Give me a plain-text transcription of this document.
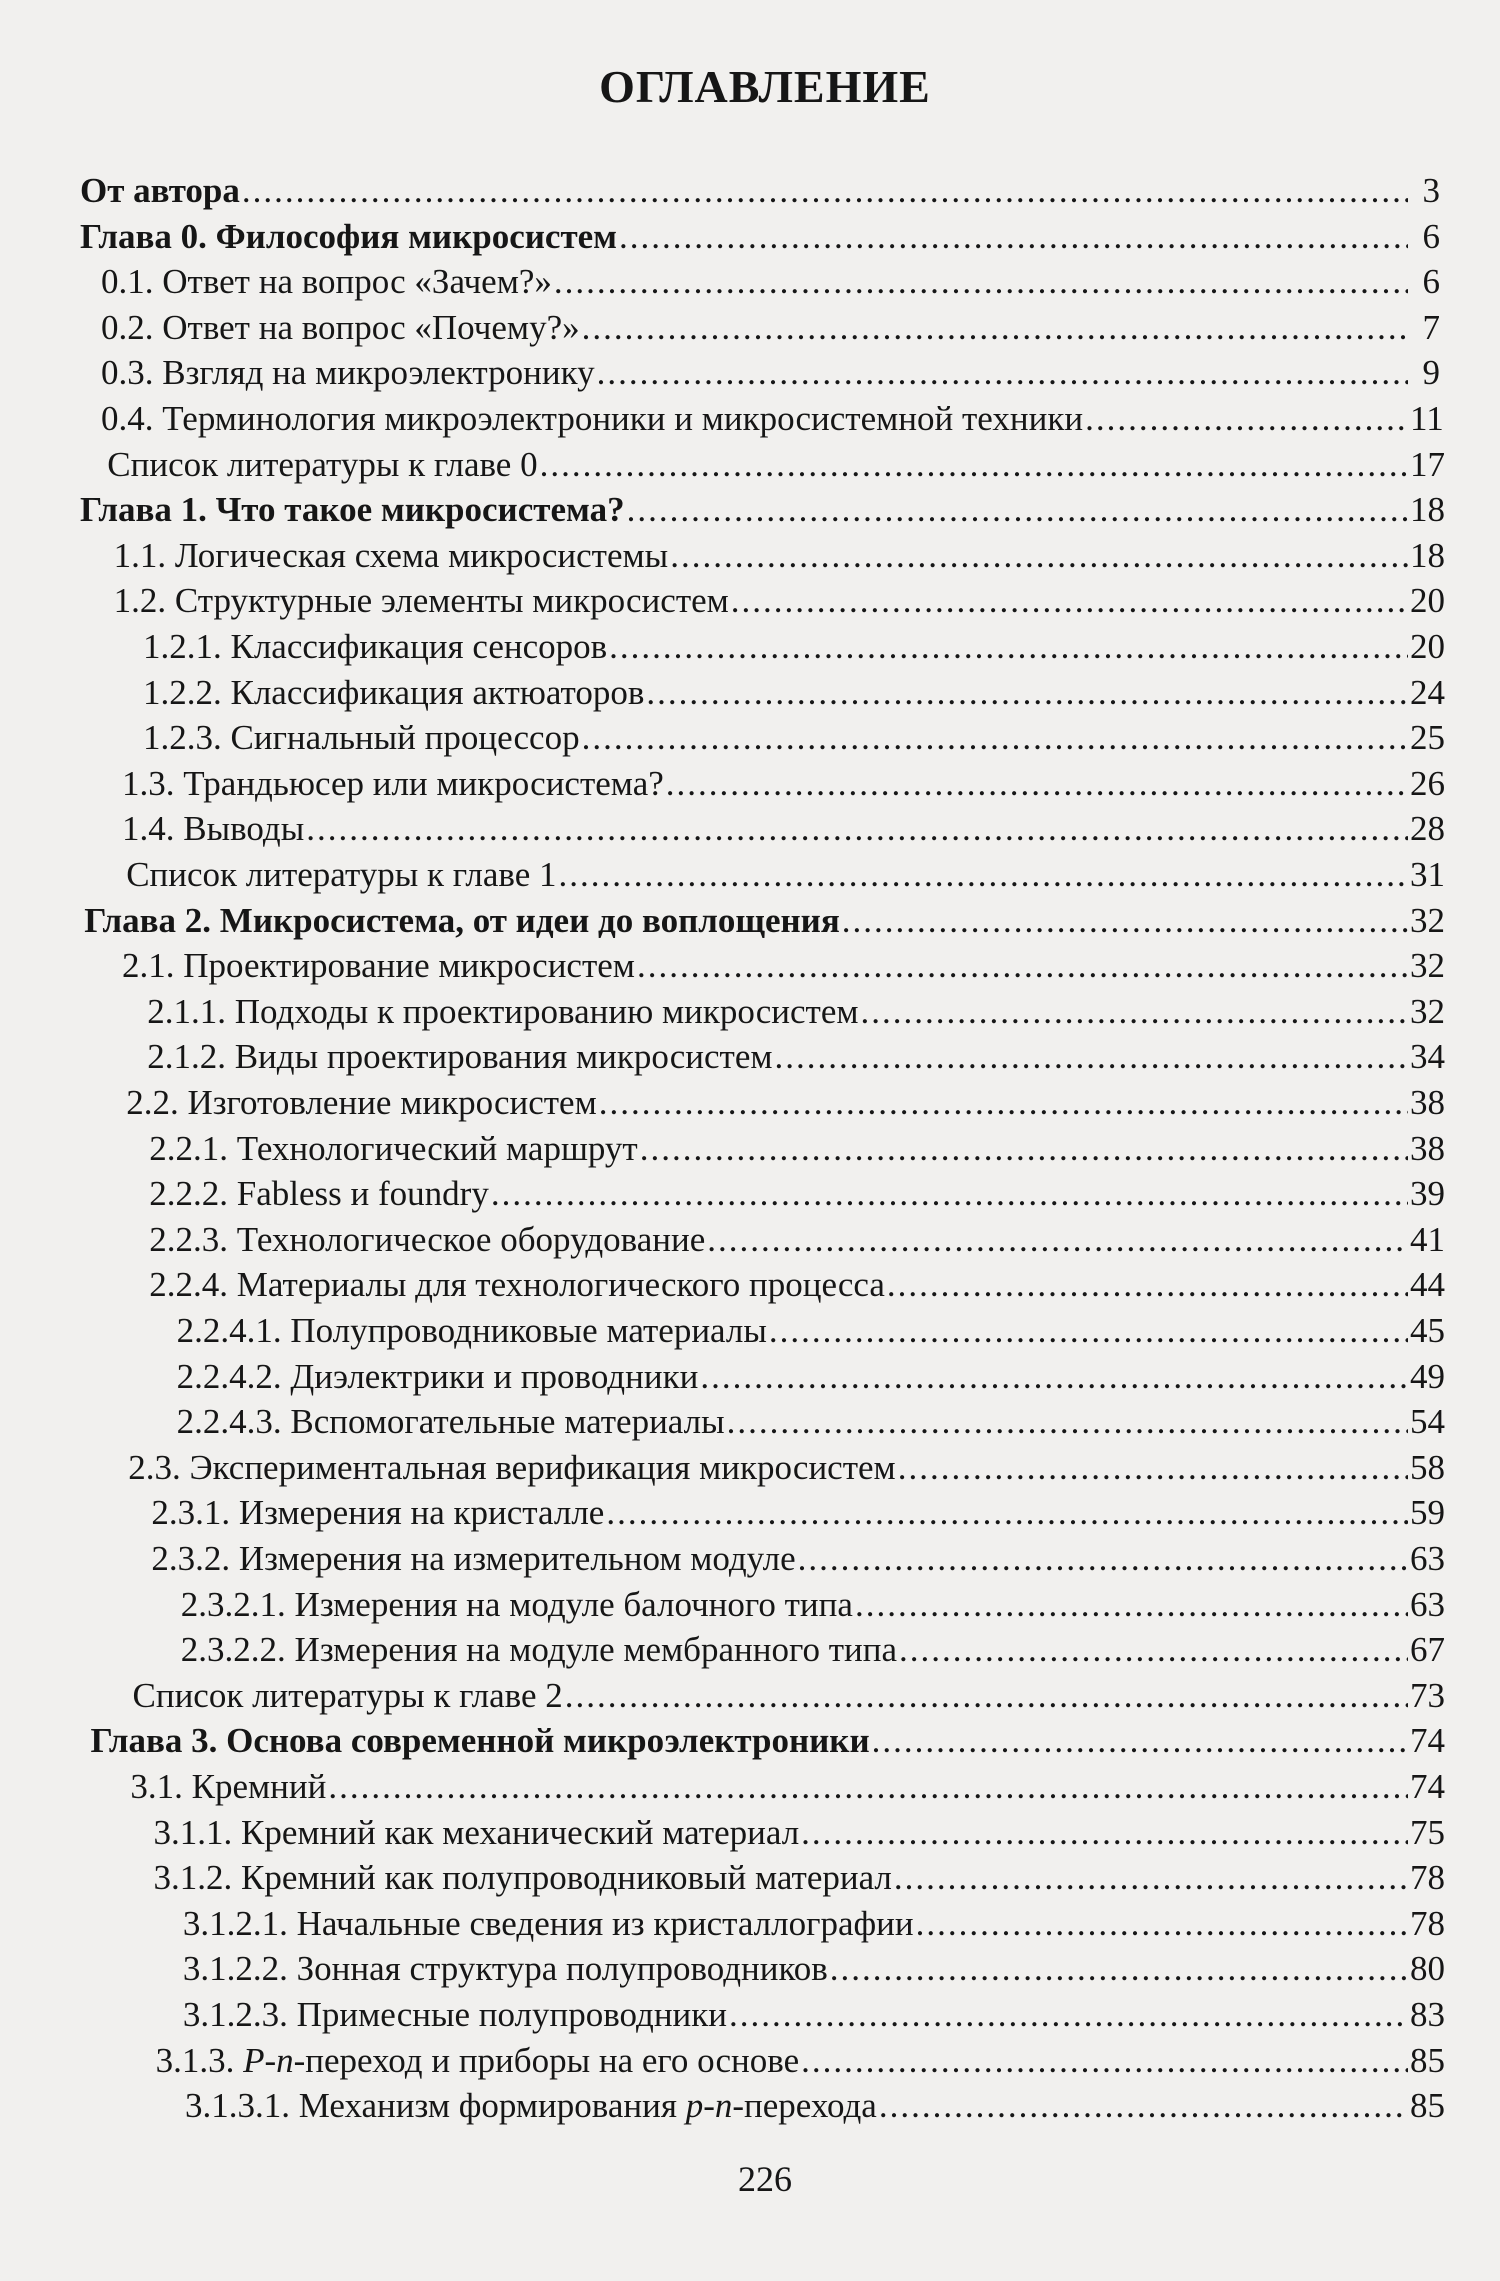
ОГЛАВЛЕНИЕ
От автора .....	3
Глава 0. Философия микросистем .....	6
0.1. Ответ на вопрос «Зачем?» .....	6
0.2. Ответ на вопрос «Почему?» .....	7
0.3. Взгляд на микроэлектронику .....	9
0.4. Терминология микроэлектроники и микросистемной техники .....	11
Список литературы к главе 0 .....	17
Глава 1. Что такое микросистема? .....	18
1.1. Логическая схема микросистемы .....	18
1.2. Структурные элементы микросистем .....	20
1.2.1. Классификация сенсоров .....	20
1.2.2. Классификация актюаторов .....	24
1.2.3. Сигнальный процессор .....	25
1.3. Трандьюсер или микросистема? .....	26
1.4. Выводы .....	28
Список литературы к главе 1 .....	31
Глава 2. Микросистема, от идеи до воплощения .....	32
2.1. Проектирование микросистем .....	32
2.1.1. Подходы к проектированию микросистем .....	32
2.1.2. Виды проектирования микросистем .....	34
2.2. Изготовление микросистем .....	38
2.2.1. Технологический маршрут .....	38
2.2.2. Fabless и foundry .....	39
2.2.3. Технологическое оборудование .....	41
2.2.4. Материалы для технологического процесса .....	44
2.2.4.1. Полупроводниковые материалы .....	45
2.2.4.2. Диэлектрики и проводники .....	49
2.2.4.3. Вспомогательные материалы .....	54
2.3. Экспериментальная верификация микросистем .....	58
2.3.1. Измерения на кристалле .....	59
2.3.2. Измерения на измерительном модуле .....	63
2.3.2.1. Измерения на модуле балочного типа .....	63
2.3.2.2. Измерения на модуле мембранного типа .....	67
Список литературы к главе 2 .....	73
Глава 3. Основа современной микроэлектроники .....	74
3.1. Кремний .....	74
3.1.1. Кремний как механический материал .....	75
3.1.2. Кремний как полупроводниковый материал .....	78
3.1.2.1. Начальные сведения из кристаллографии .....	78
3.1.2.2. Зонная структура полупроводников .....	80
3.1.2.3. Примесные полупроводники .....	83
3.1.3. Р-n-переход и приборы на его основе .....	85
3.1.3.1. Механизм формирования р-n-перехода .....	85
226
